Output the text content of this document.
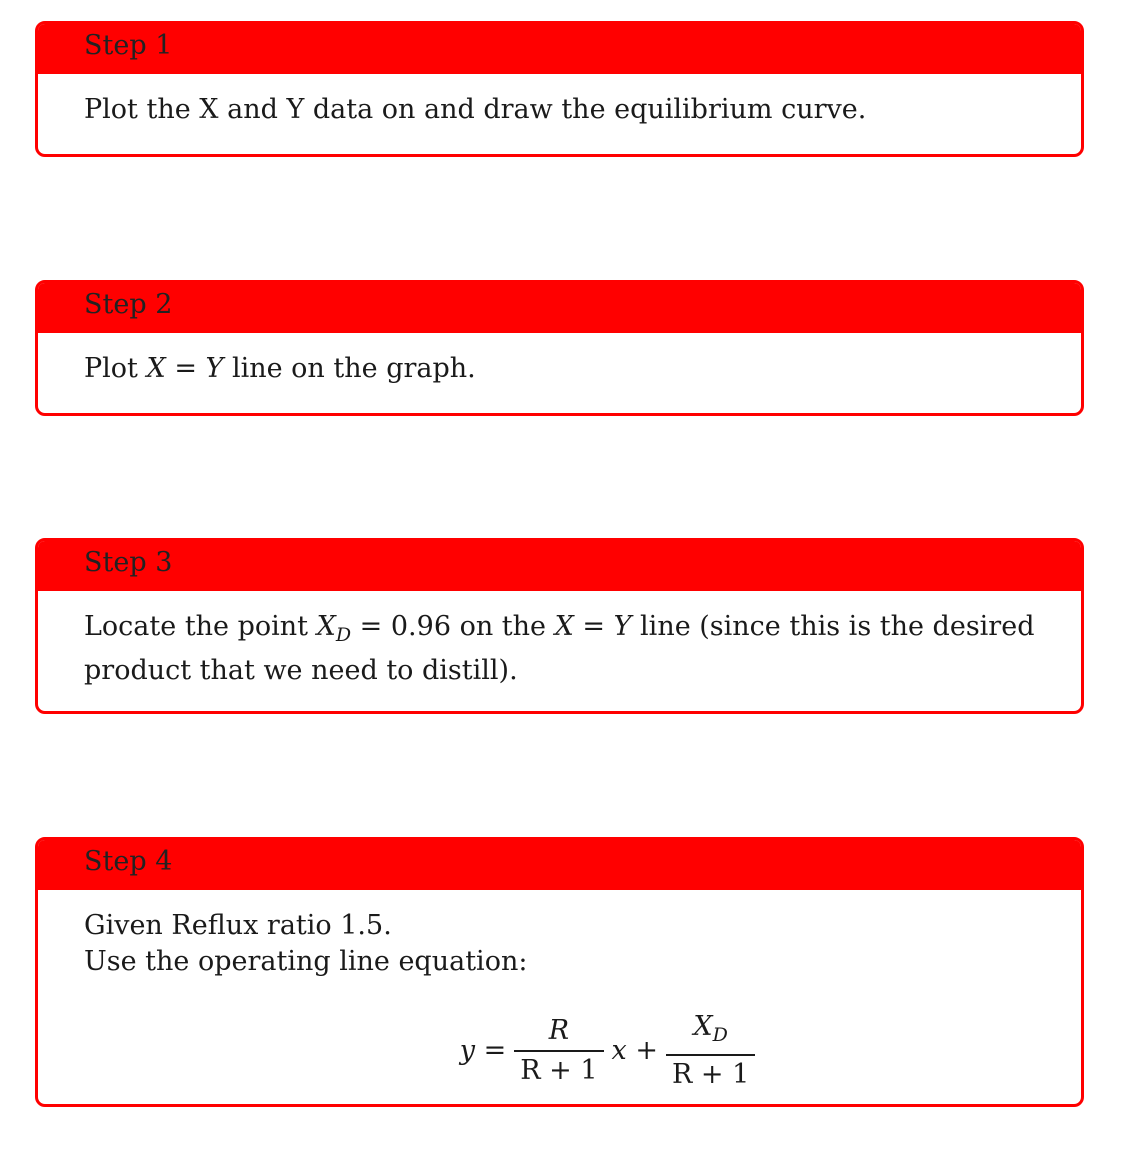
Step 1
Plot the X and Y data on and draw the equilibrium curve.
Step 2
Plot X = Y line on the graph.
Step 3
Locate the point $X_D = 0.96$ on the X = Y line (since this is the desired product that we need to distill).
Step 4
Given Reflux ratio 1.5.
Use the operating line equation:
$y = \frac{R}{R + 1}$ $x + \frac{X_D}{R + 1}$
